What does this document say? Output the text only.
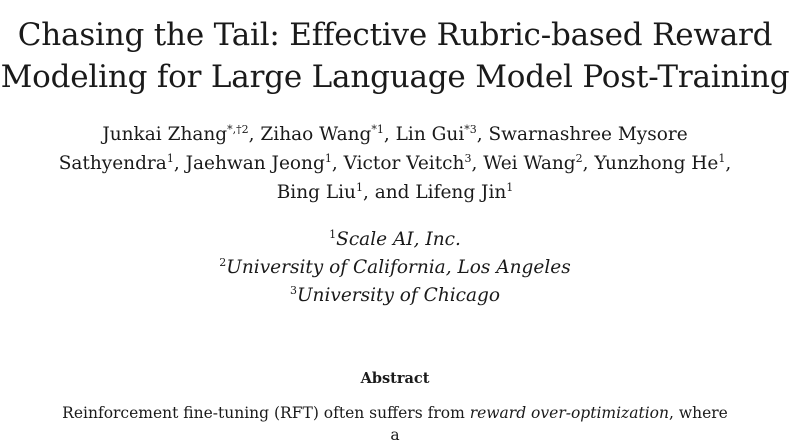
Chasing the Tail: Effective Rubric-based Reward
Modeling for Large Language Model Post-Training
Junkai Zhang$^{*,\dagger 2}$, Zihao Wang$^{*1}$, Lin Gui$^{*3}$, Swarnashree Mysore
Sathyendra$^1$, Jaehwan Jeong$^1$, Victor Veitch$^3$, Wei Wang$^2$, Yunzhong He$^1$,
Bing Liu$^1$, and Lifeng Jin$^1$
$^1$Scale AI, Inc.
$^2$University of California, Los Angeles
$^3$University of Chicago
Abstract
Reinforcement fine-tuning (RFT) often suffers from reward over-optimization, where a
